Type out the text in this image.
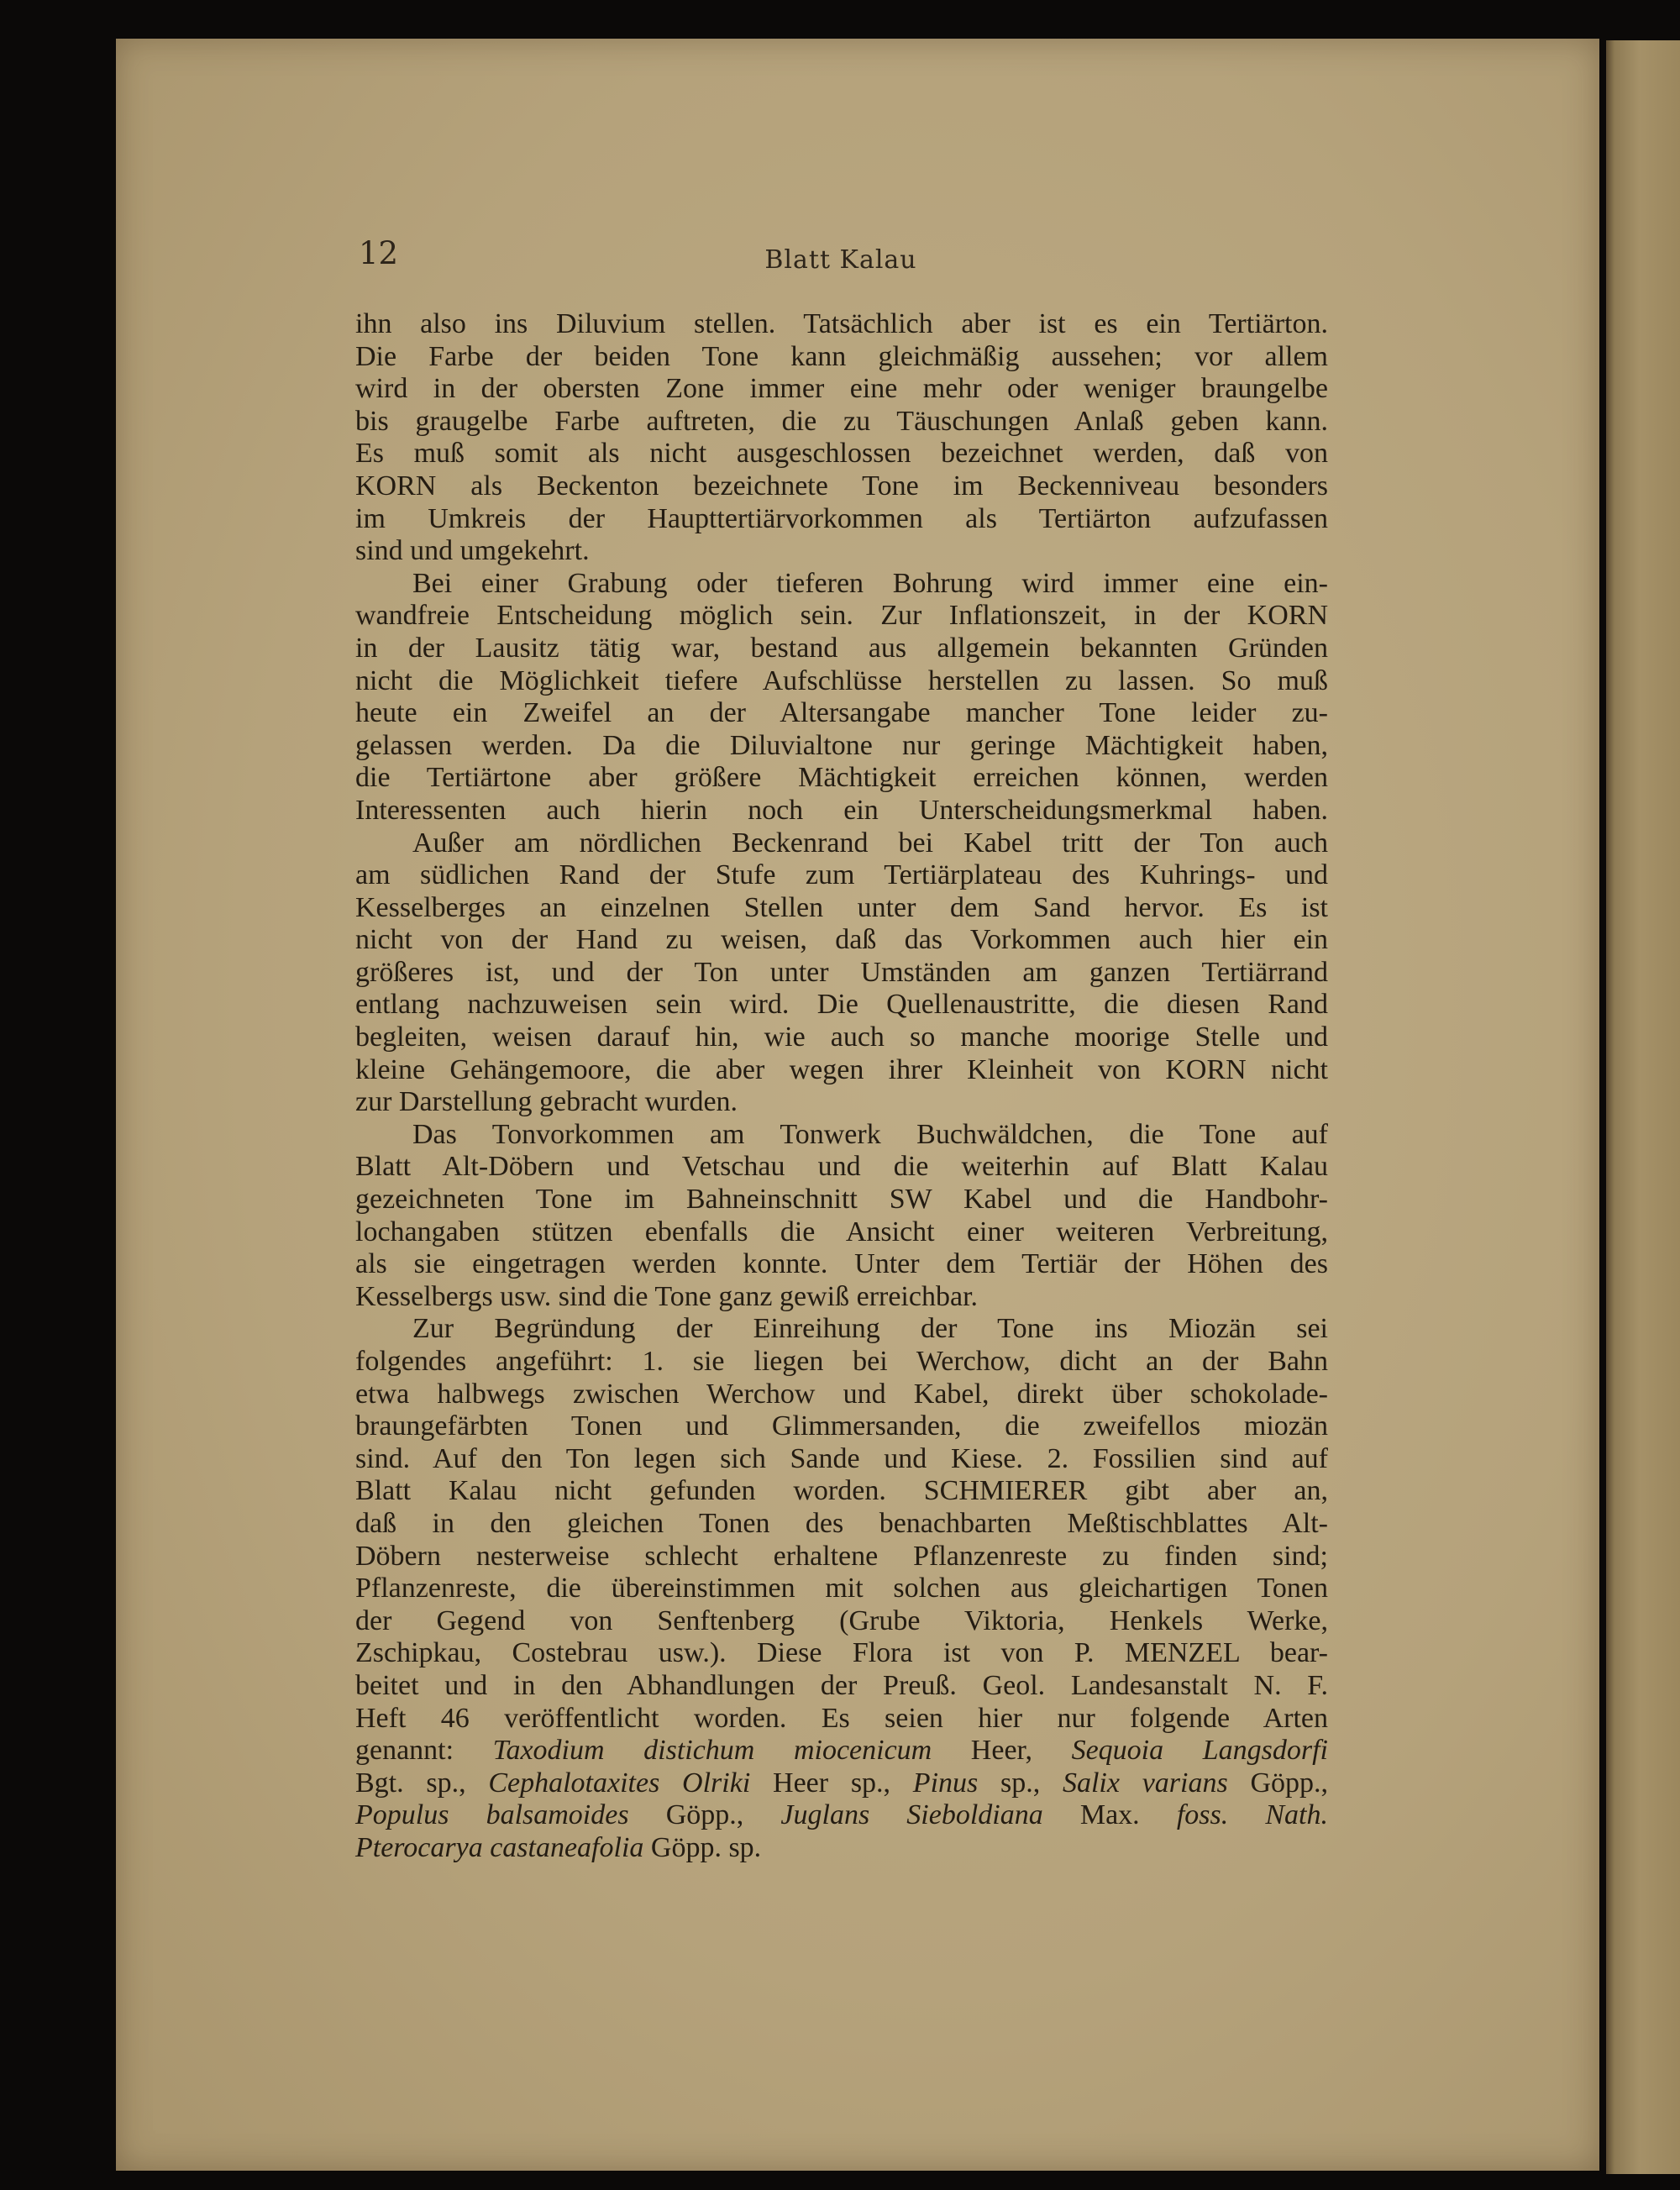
12	Blatt Kalau
ihn also ins Diluvium stellen. Tatsächlich aber ist es ein Tertiärton.
Die Farbe der beiden Tone kann gleichmäßig aussehen; vor allem
wird in der obersten Zone immer eine mehr oder weniger braungelbe
bis graugelbe Farbe auftreten, die zu Täuschungen Anlaß geben kann.
Es muß somit als nicht ausgeschlossen bezeichnet werden, daß von
KORN als Beckenton bezeichnete Tone im Beckenniveau besonders
im Umkreis der Haupttertiärvorkommen als Tertiärton aufzufassen
sind und umgekehrt.
Bei einer Grabung oder tieferen Bohrung wird immer eine ein-
wandfreie Entscheidung möglich sein. Zur Inflationszeit, in der KORN
in der Lausitz tätig war, bestand aus allgemein bekannten Gründen
nicht die Möglichkeit tiefere Aufschlüsse herstellen zu lassen. So muß
heute ein Zweifel an der Altersangabe mancher Tone leider zu-
gelassen werden. Da die Diluvialtone nur geringe Mächtigkeit haben,
die Tertiärtone aber größere Mächtigkeit erreichen können, werden
Interessenten auch hierin noch ein Unterscheidungsmerkmal haben.
Außer am nördlichen Beckenrand bei Kabel tritt der Ton auch
am südlichen Rand der Stufe zum Tertiärplateau des Kuhrings- und
Kesselberges an einzelnen Stellen unter dem Sand hervor. Es ist
nicht von der Hand zu weisen, daß das Vorkommen auch hier ein
größeres ist, und der Ton unter Umständen am ganzen Tertiärrand
entlang nachzuweisen sein wird. Die Quellenaustritte, die diesen Rand
begleiten, weisen darauf hin, wie auch so manche moorige Stelle und
kleine Gehängemoore, die aber wegen ihrer Kleinheit von KORN nicht
zur Darstellung gebracht wurden.
Das Tonvorkommen am Tonwerk Buchwäldchen, die Tone auf
Blatt Alt-Döbern und Vetschau und die weiterhin auf Blatt Kalau
gezeichneten Tone im Bahneinschnitt SW Kabel und die Handbohr-
lochangaben stützen ebenfalls die Ansicht einer weiteren Verbreitung,
als sie eingetragen werden konnte. Unter dem Tertiär der Höhen des
Kesselbergs usw. sind die Tone ganz gewiß erreichbar.
Zur Begründung der Einreihung der Tone ins Miozän sei
folgendes angeführt: 1. sie liegen bei Werchow, dicht an der Bahn
etwa halbwegs zwischen Werchow und Kabel, direkt über schokolade-
braungefärbten Tonen und Glimmersanden, die zweifellos miozän
sind. Auf den Ton legen sich Sande und Kiese. 2. Fossilien sind auf
Blatt Kalau nicht gefunden worden. SCHMIERER gibt aber an,
daß in den gleichen Tonen des benachbarten Meßtischblattes Alt-
Döbern nesterweise schlecht erhaltene Pflanzenreste zu finden sind;
Pflanzenreste, die übereinstimmen mit solchen aus gleichartigen Tonen
der Gegend von Senftenberg (Grube Viktoria, Henkels Werke,
Zschipkau, Costebrau usw.). Diese Flora ist von P. MENZEL bear-
beitet und in den Abhandlungen der Preuß. Geol. Landesanstalt N. F.
Heft 46 veröffentlicht worden. Es seien hier nur folgende Arten
genannt: Taxodium distichum miocenicum Heer, Sequoia Langsdorfi
Bgt. sp., Cephalotaxites Olriki Heer sp., Pinus sp., Salix varians Göpp.,
Populus balsamoides Göpp., Juglans Sieboldiana Max. foss. Nath.
Pterocarya castaneafolia Göpp. sp.
